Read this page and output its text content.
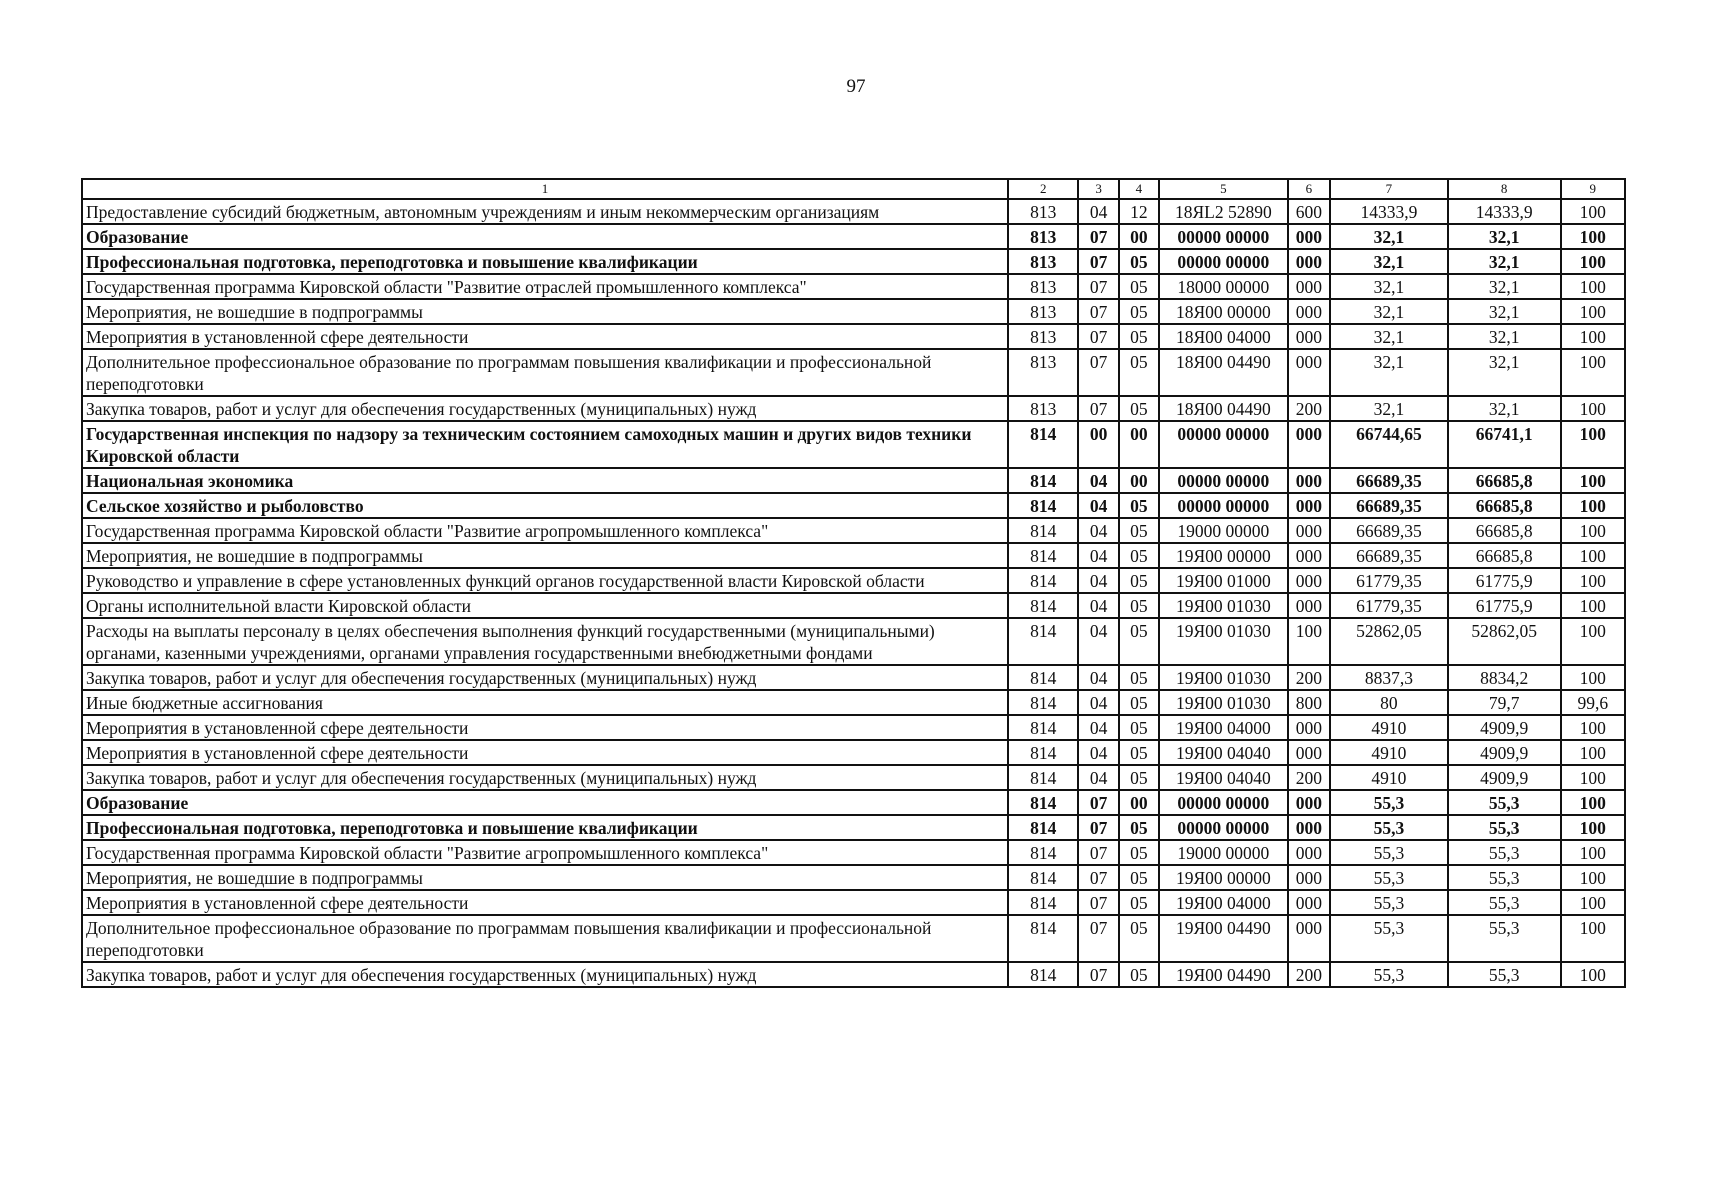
97
1	2	3	4	5	6	7	8	9
Предоставление субсидий бюджетным, автономным учреждениям и иным некоммерческим организациям	813	04	12	18ЯL2 52890	600	14333,9	14333,9	100
Образование	813	07	00	00000 00000	000	32,1	32,1	100
Профессиональная подготовка, переподготовка и повышение квалификации	813	07	05	00000 00000	000	32,1	32,1	100
Государственная программа Кировской области "Развитие отраслей промышленного комплекса"	813	07	05	18000 00000	000	32,1	32,1	100
Мероприятия, не вошедшие в подпрограммы	813	07	05	18Я00 00000	000	32,1	32,1	100
Мероприятия в установленной сфере деятельности	813	07	05	18Я00 04000	000	32,1	32,1	100
Дополнительное профессиональное образование по программам повышения квалификации и профессиональной переподготовки	813	07	05	18Я00 04490	000	32,1	32,1	100
Закупка товаров, работ и услуг для обеспечения государственных (муниципальных) нужд	813	07	05	18Я00 04490	200	32,1	32,1	100
Государственная инспекция по надзору за техническим состоянием самоходных машин и других видов техники Кировской области	814	00	00	00000 00000	000	66744,65	66741,1	100
Национальная экономика	814	04	00	00000 00000	000	66689,35	66685,8	100
Сельское хозяйство и рыболовство	814	04	05	00000 00000	000	66689,35	66685,8	100
Государственная программа Кировской области "Развитие агропромышленного комплекса"	814	04	05	19000 00000	000	66689,35	66685,8	100
Мероприятия, не вошедшие в подпрограммы	814	04	05	19Я00 00000	000	66689,35	66685,8	100
Руководство и управление в сфере установленных функций органов государственной власти Кировской области	814	04	05	19Я00 01000	000	61779,35	61775,9	100
Органы исполнительной власти Кировской области	814	04	05	19Я00 01030	000	61779,35	61775,9	100
Расходы на выплаты персоналу в целях обеспечения выполнения функций государственными (муниципальными) органами, казенными учреждениями, органами управления государственными внебюджетными фондами	814	04	05	19Я00 01030	100	52862,05	52862,05	100
Закупка товаров, работ и услуг для обеспечения государственных (муниципальных) нужд	814	04	05	19Я00 01030	200	8837,3	8834,2	100
Иные бюджетные ассигнования	814	04	05	19Я00 01030	800	80	79,7	99,6
Мероприятия в установленной сфере деятельности	814	04	05	19Я00 04000	000	4910	4909,9	100
Мероприятия в установленной сфере деятельности	814	04	05	19Я00 04040	000	4910	4909,9	100
Закупка товаров, работ и услуг для обеспечения государственных (муниципальных) нужд	814	04	05	19Я00 04040	200	4910	4909,9	100
Образование	814	07	00	00000 00000	000	55,3	55,3	100
Профессиональная подготовка, переподготовка и повышение квалификации	814	07	05	00000 00000	000	55,3	55,3	100
Государственная программа Кировской области "Развитие агропромышленного комплекса"	814	07	05	19000 00000	000	55,3	55,3	100
Мероприятия, не вошедшие в подпрограммы	814	07	05	19Я00 00000	000	55,3	55,3	100
Мероприятия в установленной сфере деятельности	814	07	05	19Я00 04000	000	55,3	55,3	100
Дополнительное профессиональное образование по программам повышения квалификации и профессиональной переподготовки	814	07	05	19Я00 04490	000	55,3	55,3	100
Закупка товаров, работ и услуг для обеспечения государственных (муниципальных) нужд	814	07	05	19Я00 04490	200	55,3	55,3	100
